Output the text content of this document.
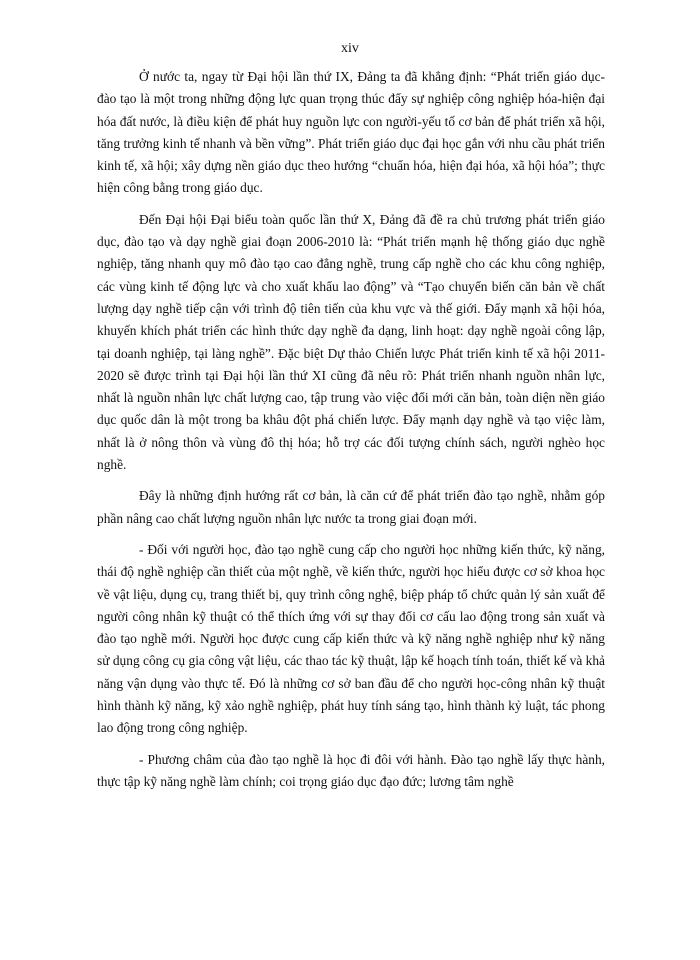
xiv

Ở nước ta, ngay từ Đại hội lần thứ IX, Đảng ta đã khẳng định: “Phát triển giáo dục-đào tạo là một trong những động lực quan trọng thúc đẩy sự nghiệp công nghiệp hóa-hiện đại hóa đất nước, là điều kiện để phát huy nguồn lực con người-yếu tố cơ bản để phát triển xã hội, tăng trưởng kinh tế nhanh và bền vững”. Phát triển giáo dục đại học gắn với nhu cầu phát triển kinh tế, xã hội; xây dựng nền giáo dục theo hướng “chuẩn hóa, hiện đại hóa, xã hội hóa”; thực hiện công bằng trong giáo dục.

Đến Đại hội Đại biểu toàn quốc lần thứ X, Đảng đã đề ra chủ trương phát triển giáo dục, đào tạo và dạy nghề giai đoạn 2006-2010 là: “Phát triển mạnh hệ thống giáo dục nghề nghiệp, tăng nhanh quy mô đào tạo cao đẳng nghề, trung cấp nghề cho các khu công nghiệp, các vùng kinh tế động lực và cho xuất khẩu lao động” và “Tạo chuyển biến căn bản về chất lượng dạy nghề tiếp cận với trình độ tiên tiến của khu vực và thế giới. Đẩy mạnh xã hội hóa, khuyến khích phát triển các hình thức dạy nghề đa dạng, linh hoạt: dạy nghề ngoài công lập, tại doanh nghiệp, tại làng nghề”. Đặc biệt Dự thảo Chiến lược Phát triển kinh tế xã hội 2011-2020 sẽ được trình tại Đại hội lần thứ XI cũng đã nêu rõ: Phát triển nhanh nguồn nhân lực, nhất là nguồn nhân lực chất lượng cao, tập trung vào việc đổi mới căn bản, toàn diện nền giáo dục quốc dân là một trong ba khâu đột phá chiến lược. Đẩy mạnh dạy nghề và tạo việc làm, nhất là ở nông thôn và vùng đô thị hóa; hỗ trợ các đối tượng chính sách, người nghèo học nghề.

Đây là những định hướng rất cơ bản, là căn cứ để phát triển đào tạo nghề, nhằm góp phần nâng cao chất lượng nguồn nhân lực nước ta trong giai đoạn mới.

- Đối với người học, đào tạo nghề cung cấp cho người học những kiến thức, kỹ năng, thái độ nghề nghiệp cần thiết của một nghề, về kiến thức, người học hiểu được cơ sở khoa học về vật liệu, dụng cụ, trang thiết bị, quy trình công nghệ, biệp pháp tổ chức quản lý sản xuất để người công nhân kỹ thuật có thể thích ứng với sự thay đổi cơ cấu lao động trong sản xuất và đào tạo nghề mới. Người học được cung cấp kiến thức và kỹ năng nghề nghiệp như kỹ năng sử dụng công cụ gia công vật liệu, các thao tác kỹ thuật, lập kế hoạch tính toán, thiết kế và khả năng vận dụng vào thực tế. Đó là những cơ sở ban đầu để cho người học-công nhân kỹ thuật hình thành kỹ năng, kỹ xảo nghề nghiệp, phát huy tính sáng tạo, hình thành kỷ luật, tác phong lao động trong công nghiệp.

- Phương châm của đào tạo nghề là học đi đôi với hành. Đào tạo nghề lấy thực hành, thực tập kỹ năng nghề làm chính; coi trọng giáo dục đạo đức; lương tâm nghề
